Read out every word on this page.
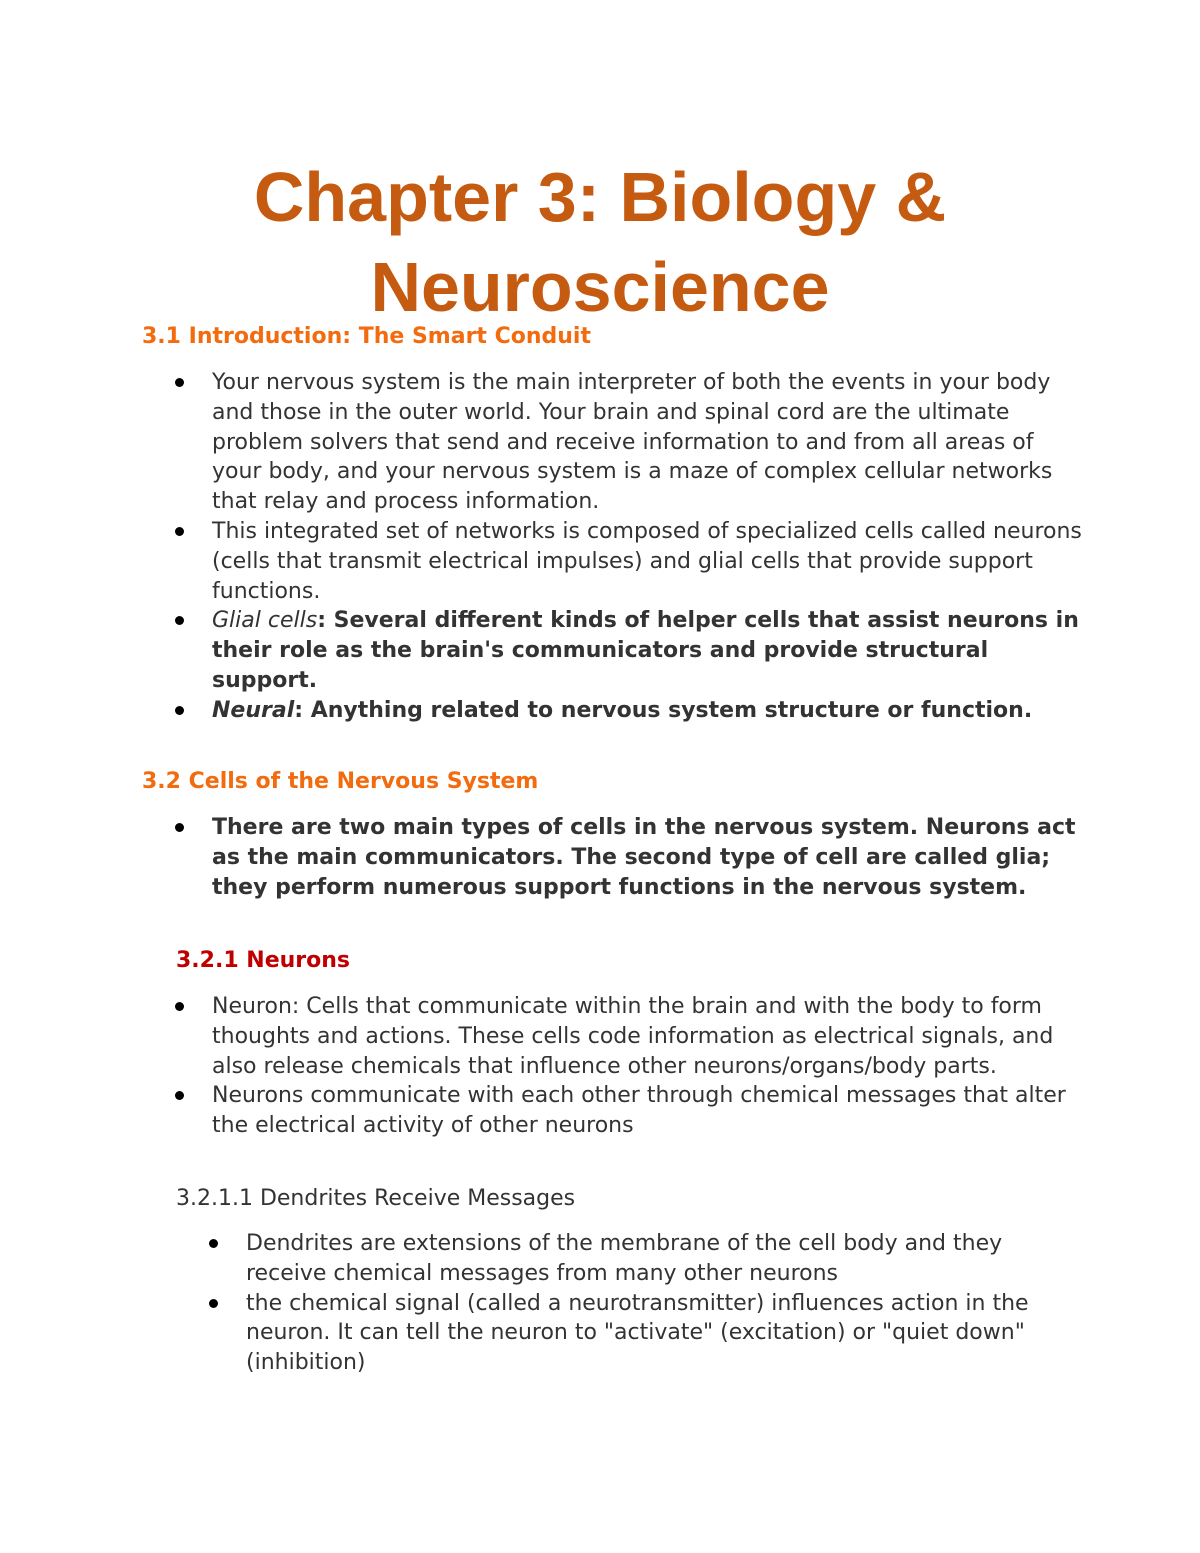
Chapter 3: Biology & Neuroscience
3.1 Introduction: The Smart Conduit
Your nervous system is the main interpreter of both the events in your body and those in the outer world. Your brain and spinal cord are the ultimate problem solvers that send and receive information to and from all areas of your body, and your nervous system is a maze of complex cellular networks that relay and process information.
This integrated set of networks is composed of specialized cells called neurons (cells that transmit electrical impulses) and glial cells that provide support functions.
Glial cells: Several different kinds of helper cells that assist neurons in their role as the brain's communicators and provide structural support.
Neural: Anything related to nervous system structure or function.
3.2 Cells of the Nervous System
There are two main types of cells in the nervous system. Neurons act as the main communicators. The second type of cell are called glia; they perform numerous support functions in the nervous system.
3.2.1 Neurons
Neuron: Cells that communicate within the brain and with the body to form thoughts and actions. These cells code information as electrical signals, and also release chemicals that influence other neurons/organs/body parts.
Neurons communicate with each other through chemical messages that alter the electrical activity of other neurons
3.2.1.1 Dendrites Receive Messages
Dendrites are extensions of the membrane of the cell body and they receive chemical messages from many other neurons
the chemical signal (called a neurotransmitter) influences action in the neuron. It can tell the neuron to "activate" (excitation) or "quiet down" (inhibition)
